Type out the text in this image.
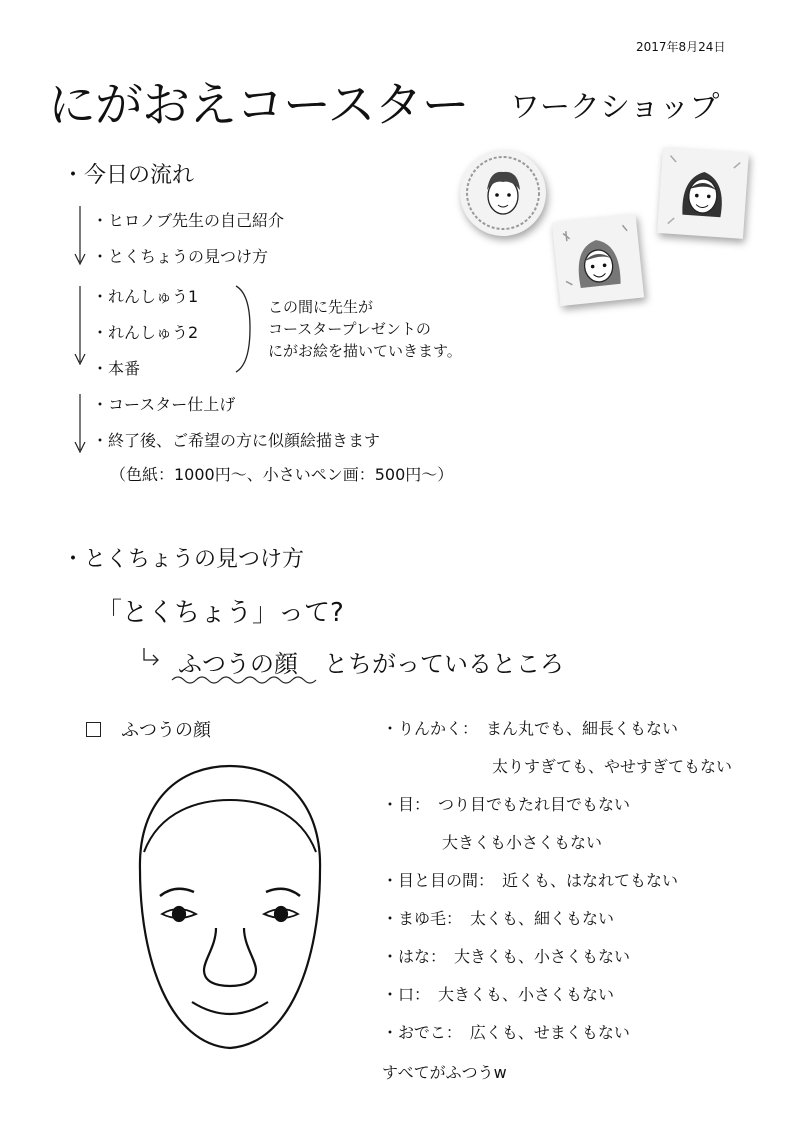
2017年8月24日
にがおえコースター ワークショップ
・今日の流れ
・ヒロノブ先生の自己紹介
・とくちょうの見つけ方
・れんしゅう1
・れんしゅう2
・本番
・コースター仕上げ
・終了後、ご希望の方に似顔絵描きます
（色紙：1000円〜、小さいペン画：500円〜）
この間に先生が
コースタープレゼントの
にがお絵を描いていきます。
・とくちょうの見つけ方
「とくちょう」って?
ふつうの顔 とちがっているところ
ふつうの顔	・りんかく：　まん丸でも、細長くもない
太りすぎても、やせすぎてもない
・目：　つり目でもたれ目でもない
大きくも小さくもない
・目と目の間：　近くも、はなれてもない
・まゆ毛：　太くも、細くもない
・はな：　大きくも、小さくもない
・口：　大きくも、小さくもない
・おでこ：　広くも、せまくもない
すべてがふつうw
